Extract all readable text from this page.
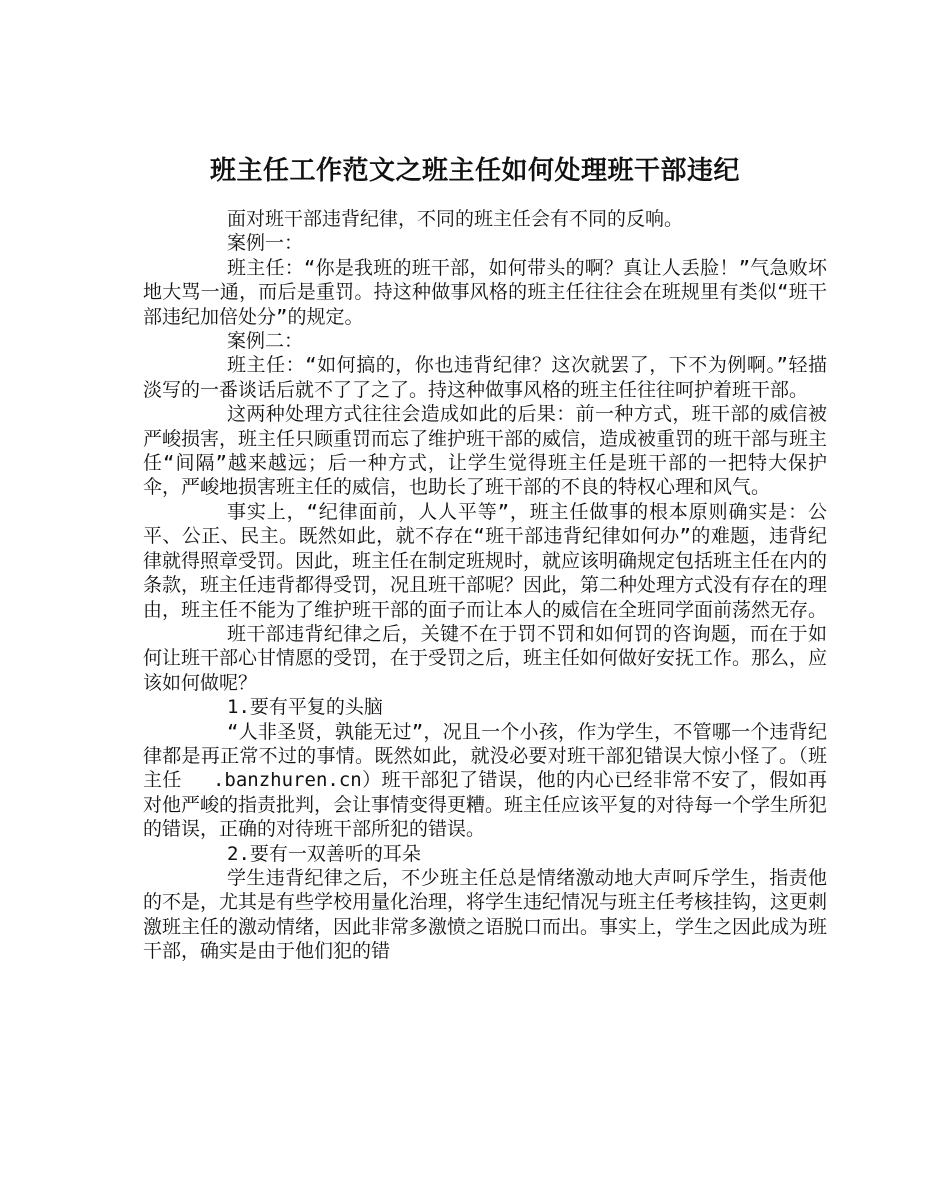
班主任工作范文之班主任如何处理班干部违纪

面对班干部违背纪律，不同的班主任会有不同的反响。

案例一：

班主任：“你是我班的班干部，如何带头的啊？真让人丢脸！”气急败坏地大骂一通，而后是重罚。持这种做事风格的班主任往往会在班规里有类似“班干部违纪加倍处分”的规定。

案例二：

班主任：“如何搞的，你也违背纪律？这次就罢了，下不为例啊。”轻描淡写的一番谈话后就不了了之了。持这种做事风格的班主任往往呵护着班干部。

这两种处理方式往往会造成如此的后果：前一种方式，班干部的威信被严峻损害，班主任只顾重罚而忘了维护班干部的威信，造成被重罚的班干部与班主任“间隔”越来越远；后一种方式，让学生觉得班主任是班干部的一把特大保护伞，严峻地损害班主任的威信，也助长了班干部的不良的特权心理和风气。

事实上，“纪律面前，人人平等”，班主任做事的根本原则确实是：公平、公正、民主。既然如此，就不存在“班干部违背纪律如何办”的难题，违背纪律就得照章受罚。因此，班主任在制定班规时，就应该明确规定包括班主任在内的条款，班主任违背都得受罚，况且班干部呢？因此，第二种处理方式没有存在的理由，班主任不能为了维护班干部的面子而让本人的威信在全班同学面前荡然无存。

班干部违背纪律之后，关键不在于罚不罚和如何罚的咨询题，而在于如何让班干部心甘情愿的受罚，在于受罚之后，班主任如何做好安抚工作。那么，应该如何做呢？

1.要有平复的头脑

“人非圣贤，孰能无过”，况且一个小孩，作为学生，不管哪一个违背纪律都是再正常不过的事情。既然如此，就没必要对班干部犯错误大惊小怪了。（班主任　 .banzhuren.cn）班干部犯了错误，他的内心已经非常不安了，假如再对他严峻的指责批判，会让事情变得更糟。班主任应该平复的对待每一个学生所犯的错误，正确的对待班干部所犯的错误。

2.要有一双善听的耳朵

学生违背纪律之后，不少班主任总是情绪激动地大声呵斥学生，指责他的不是，尤其是有些学校用量化治理，将学生违纪情况与班主任考核挂钩，这更刺激班主任的激动情绪，因此非常多激愤之语脱口而出。事实上，学生之因此成为班干部，确实是由于他们犯的错
